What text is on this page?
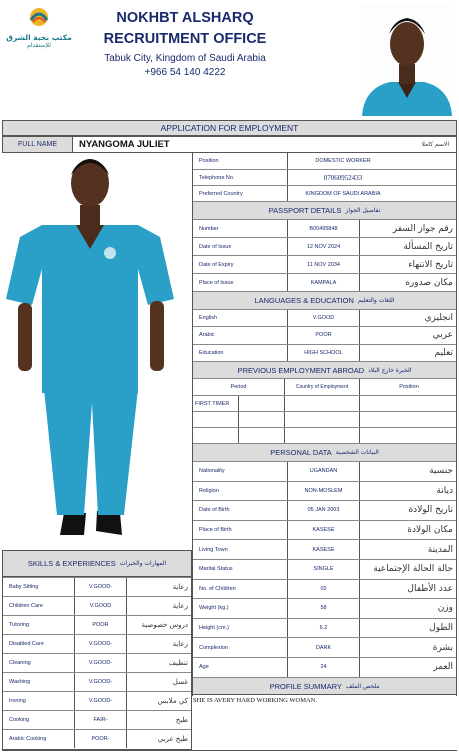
مكتب نخبة الشرق
للإستقدام
NOKHBT ALSHARQ
RECRUITMENT OFFICE
Tabuk City, Kingdom of Saudi Arabia
+966 54 140 4222
APPLICATION FOR EMPLOYMENT
FULL NAME	NYANGOMA JULIET	الاسم كاملا
Position	DOMESTIC WORKER
Telephone No.	07060952433
Preferred Country	KINGDOM OF SAUDI ARABIA
PASSPORT DETAILS تفاصيل الجواز
Number	B00495848	رقم جواز السفر
Date of Issue	12 NOV 2024	تاريخ المسألة
Date of Expiry	11 NOV 2034	تاريخ الانتهاء
Place of Issue	KAMPALA	مكان صدوره
LANGUAGES & EDUCATION اللغات والتعليم
English	V.GOOD	انجليزي
Arabic	POOR	عربي
Education	HIGH SCHOOL	تعليم
PREVIOUS EMPLOYMENT ABROAD الخبرة خارج البلاد
Period	Country of Employment	Position
FIRST TIMER
PERSONAL DATA البيانات الشخصية
Nationality	UGANDAN	جنسية
Religion	NON-MOSLEM	ديانة
Date of Birth	05 JAN 2003	تاريخ الولادة
Place of Birth	KASESE	مكان الولادة
Living Town	KASESE	المدينة
Marital Status	SINGLE	حالة الحالة الإجتماعية
No. of Children	02	عدد الأطفال
Weight (kg.)	58	وزن
Height (cm.)	6.2	الطول
Complexion	DARK	بشرة
Age	24	العمر
PROFILE SUMMARY ملخص الملف
SHE IS AVERY HARD WORKING WOMAN.
SKILLS & EXPERIENCES المهارات والخبرات
Baby Sitting	V.GOOD-	رعاية
Children Care	V.GOOD	رعاية
Tutoring	POOR	دروس خصوصية
Disabled Care	V.GOOD-	رعاية
Cleaning	V.GOOD-	تنظيف
Washing	V.GOOD-	غسل
Ironing	V.GOOD-	كي ملابس
Cooking	FAIR-	طبخ
Arabic Cooking	POOR-	طبخ عربي
